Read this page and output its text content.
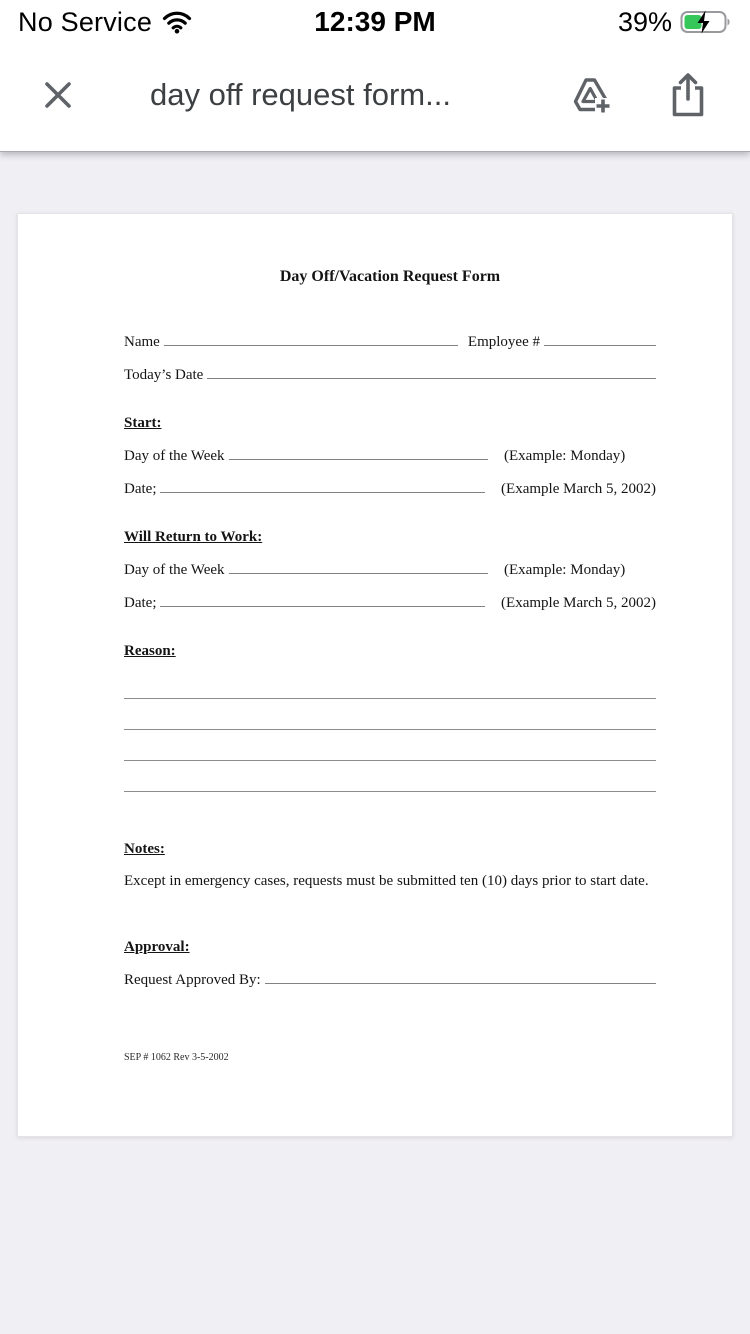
No Service	12:39 PM	39%
day off request form...
Day Off/Vacation Request Form
Name	Employee #
Today’s Date
Start:
Day of the Week	(Example: Monday)
Date;	(Example March 5, 2002)
Will Return to Work:
Day of the Week	(Example: Monday)
Date;	(Example March 5, 2002)
Reason:
Notes:
Except in emergency cases, requests must be submitted ten (10) days prior to start date.
Approval:
Request Approved By:
SEP # 1062 Rev 3-5-2002
